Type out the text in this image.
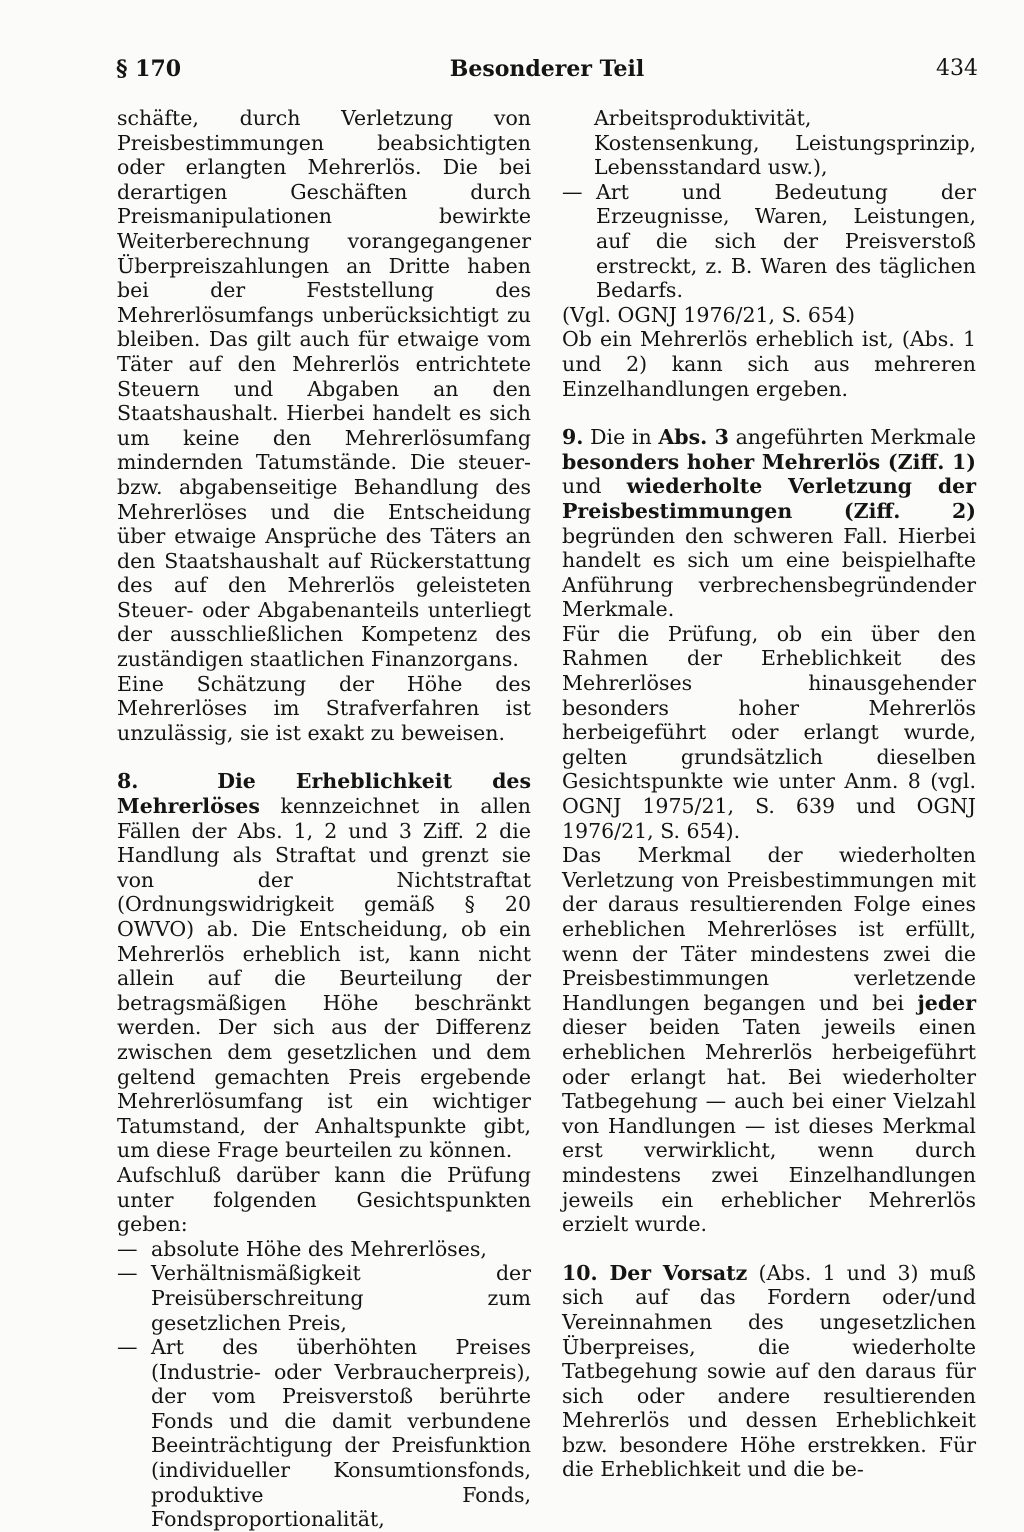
Besonderer Teil
§ 170	434

schäfte, durch Verletzung von Preisbestimmungen beabsichtigten oder erlangten Mehrerlös. Die bei derartigen Geschäften durch Preismanipulationen bewirkte Weiterberechnung vorangegangener Überpreiszahlungen an Dritte haben bei der Feststellung des Mehrerlösumfangs unberücksichtigt zu bleiben. Das gilt auch für etwaige vom Täter auf den Mehrerlös entrichtete Steuern und Abgaben an den Staatshaushalt. Hierbei handelt es sich um keine den Mehrerlösumfang mindernden Tatumstände. Die steuer- bzw. abgabenseitige Behandlung des Mehrerlöses und die Entscheidung über etwaige Ansprüche des Täters an den Staatshaushalt auf Rückerstattung des auf den Mehrerlös geleisteten Steuer- oder Abgabenanteils unterliegt der ausschließlichen Kompetenz des zuständigen staatlichen Finanzorgans.

Eine Schätzung der Höhe des Mehrerlöses im Strafverfahren ist unzulässig, sie ist exakt zu beweisen.

8.	Die Erheblichkeit des Mehrerlöses kennzeichnet in allen Fällen der Abs. 1, 2 und 3 Ziff. 2 die Handlung als Straftat und grenzt sie von der Nichtstraftat (Ordnungswidrigkeit gemäß § 20 OWVO) ab. Die Entscheidung, ob ein Mehrerlös erheblich ist, kann nicht allein auf die Beurteilung der betragsmäßigen Höhe beschränkt werden. Der sich aus der Differenz zwischen dem gesetzlichen und dem geltend gemachten Preis ergebende Mehrerlösumfang ist ein wichtiger Tatumstand, der Anhaltspunkte gibt, um diese Frage beurteilen zu können.

Aufschluß darüber kann die Prüfung unter folgenden Gesichtspunkten geben:

— absolute Höhe des Mehrerlöses,
— Verhältnismäßigkeit der Preisüberschreitung zum gesetzlichen Preis,
— Art des überhöhten Preises (Industrie- oder Verbraucherpreis), der vom Preisverstoß berührte Fonds und die damit verbundene Beeinträchtigung der Preisfunktion (individueller Konsumtionsfonds, produktive Fonds, Fondsproportionalität,

Arbeitsproduktivität, Kostensenkung, Leistungsprinzip, Lebensstandard usw.),

— Art und Bedeutung der Erzeugnisse, Waren, Leistungen, auf die sich der Preisverstoß erstreckt, z. B. Waren des täglichen Bedarfs.

(Vgl. OGNJ 1976/21, S. 654)

Ob ein Mehrerlös erheblich ist, (Abs. 1 und 2) kann sich aus mehreren Einzelhandlungen ergeben.

9. Die in Abs. 3 angeführten Merkmale besonders hoher Mehrerlös (Ziff. 1) und wiederholte Verletzung der Preisbestimmungen (Ziff. 2) begründen den schweren Fall. Hierbei handelt es sich um eine beispielhafte Anführung verbrechensbegründender Merkmale.

Für die Prüfung, ob ein über den Rahmen der Erheblichkeit des Mehrerlöses hinausgehender besonders hoher Mehrerlös herbeigeführt oder erlangt wurde, gelten grundsätzlich dieselben Gesichtspunkte wie unter Anm. 8 (vgl. OGNJ 1975/21, S. 639 und OGNJ 1976/21, S. 654).

Das Merkmal der wiederholten Verletzung von Preisbestimmungen mit der daraus resultierenden Folge eines erheblichen Mehrerlöses ist erfüllt, wenn der Täter mindestens zwei die Preisbestimmungen verletzende Handlungen begangen und bei jeder dieser beiden Taten jeweils einen erheblichen Mehrerlös herbeigeführt oder erlangt hat. Bei wiederholter Tatbegehung — auch bei einer Vielzahl von Handlungen — ist dieses Merkmal erst verwirklicht, wenn durch mindestens zwei Einzelhandlungen jeweils ein erheblicher Mehrerlös erzielt wurde.

10. Der Vorsatz (Abs. 1 und 3) muß sich auf das Fordern oder/und Vereinnahmen des ungesetzlichen Überpreises, die wiederholte Tatbegehung sowie auf den daraus für sich oder andere resultierenden Mehrerlös und dessen Erheblichkeit bzw. besondere Höhe erstrekken. Für die Erheblichkeit und die be-
